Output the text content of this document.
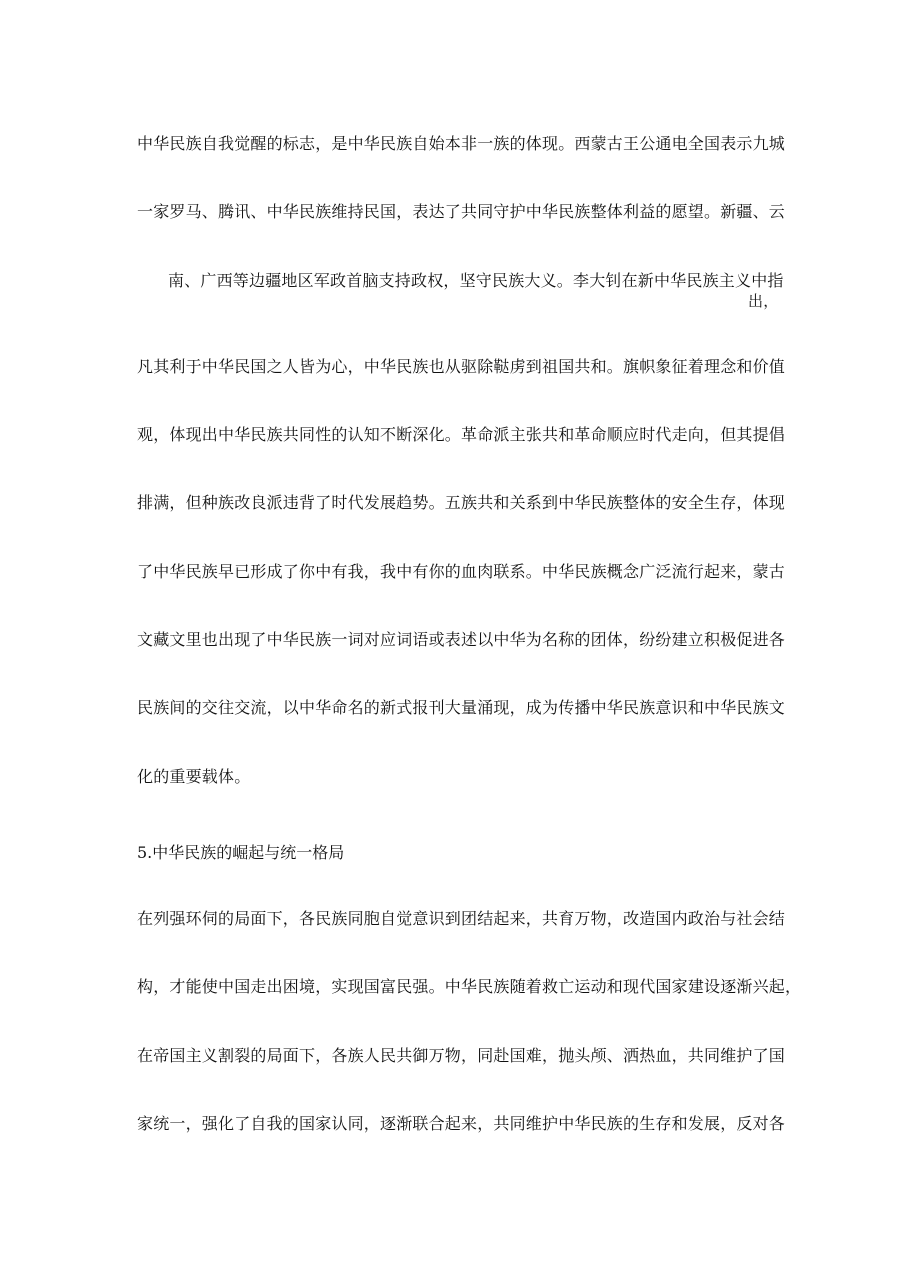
中华民族自我觉醒的标志，是中华民族自始本非一族的体现。西蒙古王公通电全国表示九城
一家罗马、腾讯、中华民族维持民国，表达了共同守护中华民族整体利益的愿望。新疆、云
南、广西等边疆地区军政首脑支持政权，坚守民族大义。李大钊在新中华民族主义中指
出，
凡其利于中华民国之人皆为心，中华民族也从驱除鞑虏到祖国共和。旗帜象征着理念和价值
观，体现出中华民族共同性的认知不断深化。革命派主张共和革命顺应时代走向，但其提倡
排满，但种族改良派违背了时代发展趋势。五族共和关系到中华民族整体的安全生存，体现
了中华民族早已形成了你中有我，我中有你的血肉联系。中华民族概念广泛流行起来，蒙古
文藏文里也出现了中华民族一词对应词语或表述以中华为名称的团体，纷纷建立积极促进各
民族间的交往交流，以中华命名的新式报刊大量涌现，成为传播中华民族意识和中华民族文
化的重要载体。
5.中华民族的崛起与统一格局
在列强环伺的局面下，各民族同胞自觉意识到团结起来，共育万物，改造国内政治与社会结
构，才能使中国走出困境，实现国富民强。中华民族随着救亡运动和现代国家建设逐渐兴起，
在帝国主义割裂的局面下，各族人民共御万物，同赴国难，抛头颅、洒热血，共同维护了国
家统一，强化了自我的国家认同，逐渐联合起来，共同维护中华民族的生存和发展，反对各
